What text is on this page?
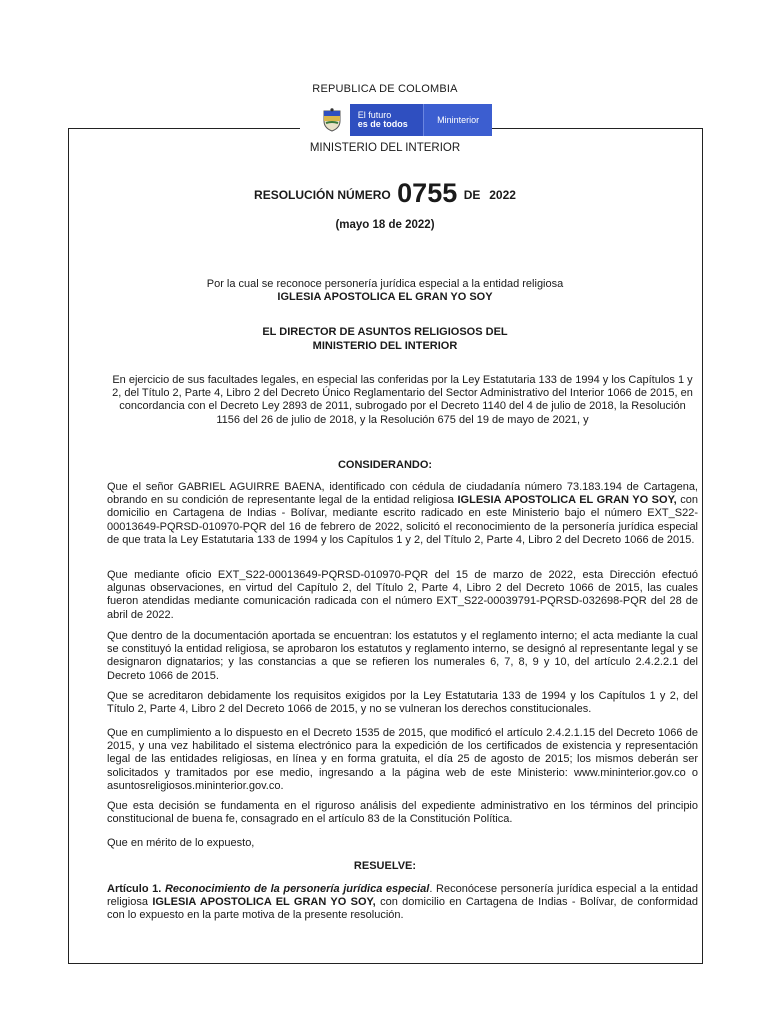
REPUBLICA DE COLOMBIA
El futuro
es de todos	Mininterior
MINISTERIO DEL INTERIOR
RESOLUCIÓN NÚMERO 0755 DE 2022
(mayo 18 de 2022)
Por la cual se reconoce personería jurídica especial a la entidad religiosa
IGLESIA APOSTOLICA EL GRAN YO SOY
EL DIRECTOR DE ASUNTOS RELIGIOSOS DEL
MINISTERIO DEL INTERIOR

En ejercicio de sus facultades legales, en especial las conferidas por la Ley Estatutaria 133 de 1994 y los Capítulos 1 y 2, del Título 2, Parte 4, Libro 2 del Decreto Único Reglamentario del Sector Administrativo del Interior 1066 de 2015, en concordancia con el Decreto Ley 2893 de 2011, subrogado por el Decreto 1140 del 4 de julio de 2018, la Resolución 1156 del 26 de julio de 2018, y la Resolución 675 del 19 de mayo de 2021, y

CONSIDERANDO:

Que el señor GABRIEL AGUIRRE BAENA, identificado con cédula de ciudadanía número 73.183.194 de Cartagena, obrando en su condición de representante legal de la entidad religiosa IGLESIA APOSTOLICA EL GRAN YO SOY, con domicilio en Cartagena de Indias - Bolívar, mediante escrito radicado en este Ministerio bajo el número EXT_S22-00013649-PQRSD-010970-PQR del 16 de febrero de 2022, solicitó el reconocimiento de la personería jurídica especial de que trata la Ley Estatutaria 133 de 1994 y los Capítulos 1 y 2, del Título 2, Parte 4, Libro 2 del Decreto 1066 de 2015.

Que mediante oficio EXT_S22-00013649-PQRSD-010970-PQR del 15 de marzo de 2022, esta Dirección efectuó algunas observaciones, en virtud del Capítulo 2, del Título 2, Parte 4, Libro 2 del Decreto 1066 de 2015, las cuales fueron atendidas mediante comunicación radicada con el número EXT_S22-00039791-PQRSD-032698-PQR del 28 de abril de 2022.

Que dentro de la documentación aportada se encuentran: los estatutos y el reglamento interno; el acta mediante la cual se constituyó la entidad religiosa, se aprobaron los estatutos y reglamento interno, se designó al representante legal y se designaron dignatarios; y las constancias a que se refieren los numerales 6, 7, 8, 9 y 10, del artículo 2.4.2.2.1 del Decreto 1066 de 2015.

Que se acreditaron debidamente los requisitos exigidos por la Ley Estatutaria 133 de 1994 y los Capítulos 1 y 2, del Título 2, Parte 4, Libro 2 del Decreto 1066 de 2015, y no se vulneran los derechos constitucionales.

Que en cumplimiento a lo dispuesto en el Decreto 1535 de 2015, que modificó el artículo 2.4.2.1.15 del Decreto 1066 de 2015, y una vez habilitado el sistema electrónico para la expedición de los certificados de existencia y representación legal de las entidades religiosas, en línea y en forma gratuita, el día 25 de agosto de 2015; los mismos deberán ser solicitados y tramitados por ese medio, ingresando a la página web de este Ministerio: www.mininterior.gov.co o asuntosreligiosos.mininterior.gov.co.

Que esta decisión se fundamenta en el riguroso análisis del expediente administrativo en los términos del principio constitucional de buena fe, consagrado en el artículo 83 de la Constitución Política.

Que en mérito de lo expuesto,

RESUELVE:

Artículo 1. Reconocimiento de la personería jurídica especial. Reconócese personería jurídica especial a la entidad religiosa IGLESIA APOSTOLICA EL GRAN YO SOY, con domicilio en Cartagena de Indias - Bolívar, de conformidad con lo expuesto en la parte motiva de la presente resolución.
